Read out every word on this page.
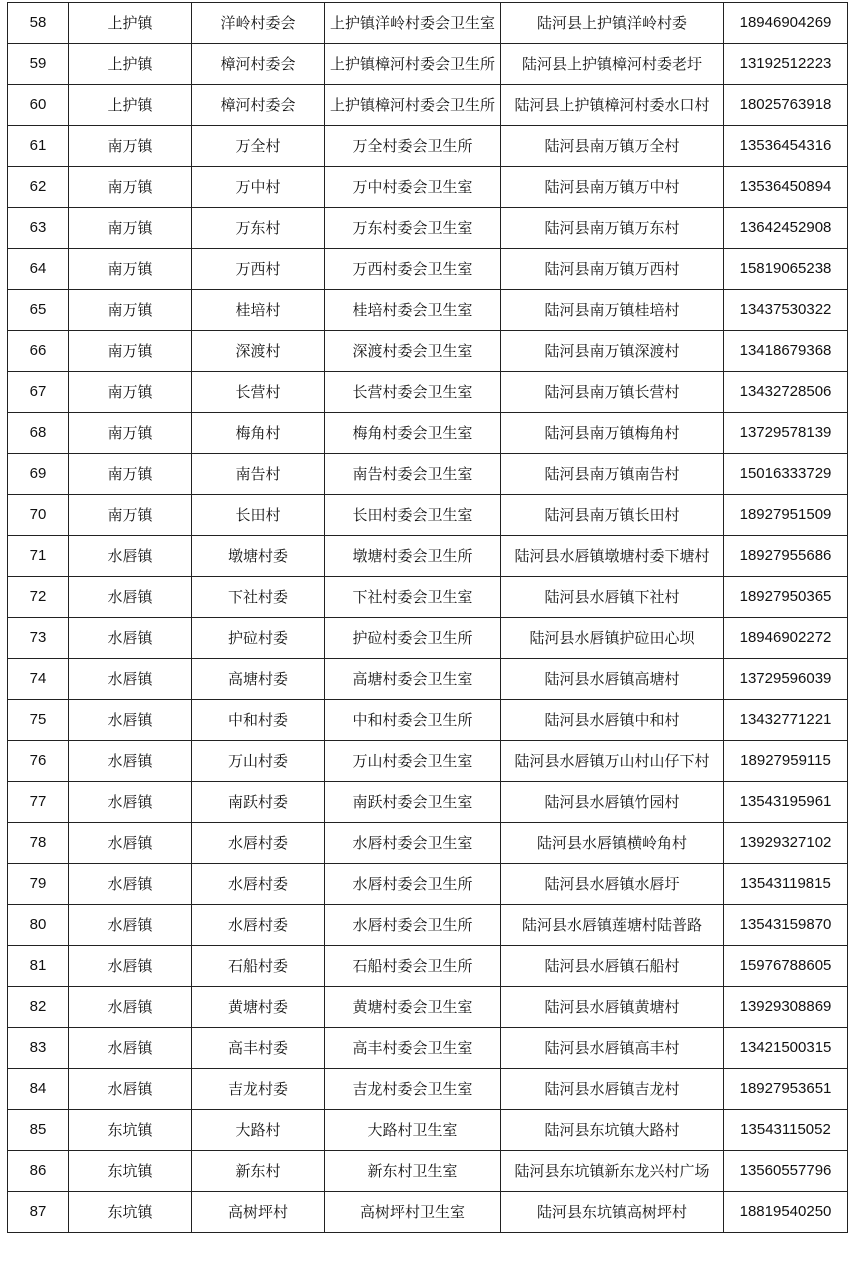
58	上护镇	洋岭村委会	上护镇洋岭村委会卫生室	陆河县上护镇洋岭村委	18946904269
59	上护镇	樟河村委会	上护镇樟河村委会卫生所	陆河县上护镇樟河村委老圩	13192512223
60	上护镇	樟河村委会	上护镇樟河村委会卫生所	陆河县上护镇樟河村委水口村	18025763918
61	南万镇	万全村	万全村委会卫生所	陆河县南万镇万全村	13536454316
62	南万镇	万中村	万中村委会卫生室	陆河县南万镇万中村	13536450894
63	南万镇	万东村	万东村委会卫生室	陆河县南万镇万东村	13642452908
64	南万镇	万西村	万西村委会卫生室	陆河县南万镇万西村	15819065238
65	南万镇	桂培村	桂培村委会卫生室	陆河县南万镇桂培村	13437530322
66	南万镇	深渡村	深渡村委会卫生室	陆河县南万镇深渡村	13418679368
67	南万镇	长营村	长营村委会卫生室	陆河县南万镇长营村	13432728506
68	南万镇	梅角村	梅角村委会卫生室	陆河县南万镇梅角村	13729578139
69	南万镇	南告村	南告村委会卫生室	陆河县南万镇南告村	15016333729
70	南万镇	长田村	长田村委会卫生室	陆河县南万镇长田村	18927951509
71	水唇镇	墩塘村委	墩塘村委会卫生所	陆河县水唇镇墩塘村委下塘村	18927955686
72	水唇镇	下社村委	下社村委会卫生室	陆河县水唇镇下社村	18927950365
73	水唇镇	护砬村委	护砬村委会卫生所	陆河县水唇镇护砬田心坝	18946902272
74	水唇镇	高塘村委	高塘村委会卫生室	陆河县水唇镇高塘村	13729596039
75	水唇镇	中和村委	中和村委会卫生所	陆河县水唇镇中和村	13432771221
76	水唇镇	万山村委	万山村委会卫生室	陆河县水唇镇万山村山仔下村	18927959115
77	水唇镇	南跃村委	南跃村委会卫生室	陆河县水唇镇竹园村	13543195961
78	水唇镇	水唇村委	水唇村委会卫生室	陆河县水唇镇横岭角村	13929327102
79	水唇镇	水唇村委	水唇村委会卫生所	陆河县水唇镇水唇圩	13543119815
80	水唇镇	水唇村委	水唇村委会卫生所	陆河县水唇镇莲塘村陆普路	13543159870
81	水唇镇	石船村委	石船村委会卫生所	陆河县水唇镇石船村	15976788605
82	水唇镇	黄塘村委	黄塘村委会卫生室	陆河县水唇镇黄塘村	13929308869
83	水唇镇	高丰村委	高丰村委会卫生室	陆河县水唇镇高丰村	13421500315
84	水唇镇	吉龙村委	吉龙村委会卫生室	陆河县水唇镇吉龙村	18927953651
85	东坑镇	大路村	大路村卫生室	陆河县东坑镇大路村	13543115052
86	东坑镇	新东村	新东村卫生室	陆河县东坑镇新东龙兴村广场	13560557796
87	东坑镇	高树坪村	高树坪村卫生室	陆河县东坑镇高树坪村	18819540250
